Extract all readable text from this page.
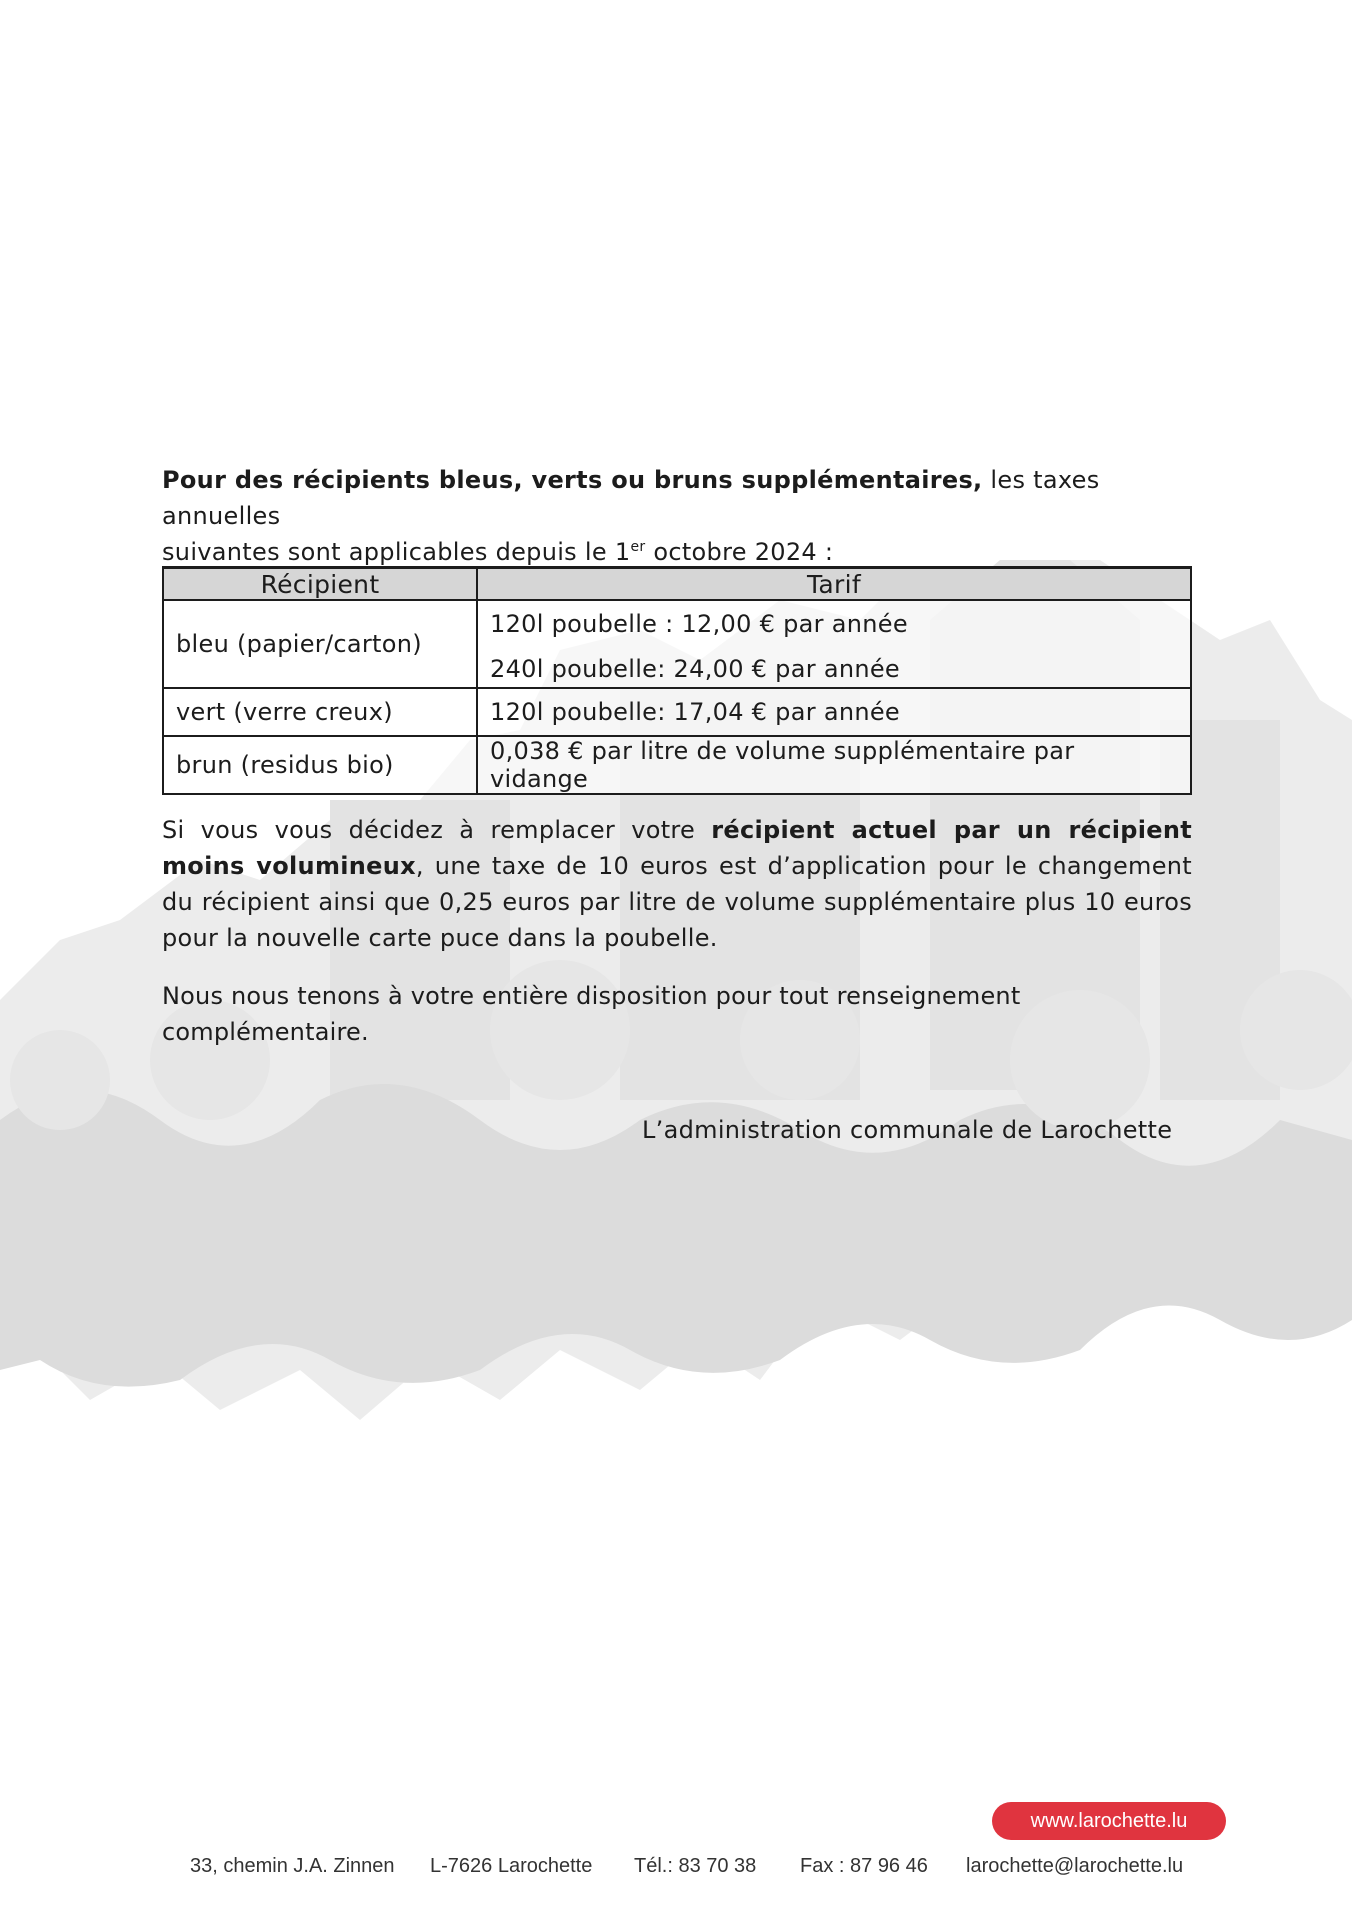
Pour des récipients bleus, verts ou bruns supplémentaires, les taxes annuelles
suivantes sont applicables depuis le 1er octobre 2024 :

Récipient	Tarif
bleu (papier/carton)	120l poubelle : 12,00 € par année
240l poubelle: 24,00 € par année

vert (verre creux)	120l poubelle: 17,04 € par année
brun (residus bio)	0,038 € par litre de volume supplémentaire par vidange

Si vous vous décidez à remplacer votre récipient actuel par un récipient moins volumineux, une taxe de 10 euros est d’application pour le changement du récipient ainsi que 0,25 euros par litre de volume supplémentaire plus 10 euros pour la nouvelle carte puce dans la poubelle.

Nous nous tenons à votre entière disposition pour tout renseignement complémentaire.

L’administration communale de Larochette

www.larochette.lu
33, chemin J.A. Zinnen L-7626 Larochette Tél.: 83 70 38 Fax : 87 96 46 larochette@larochette.lu
